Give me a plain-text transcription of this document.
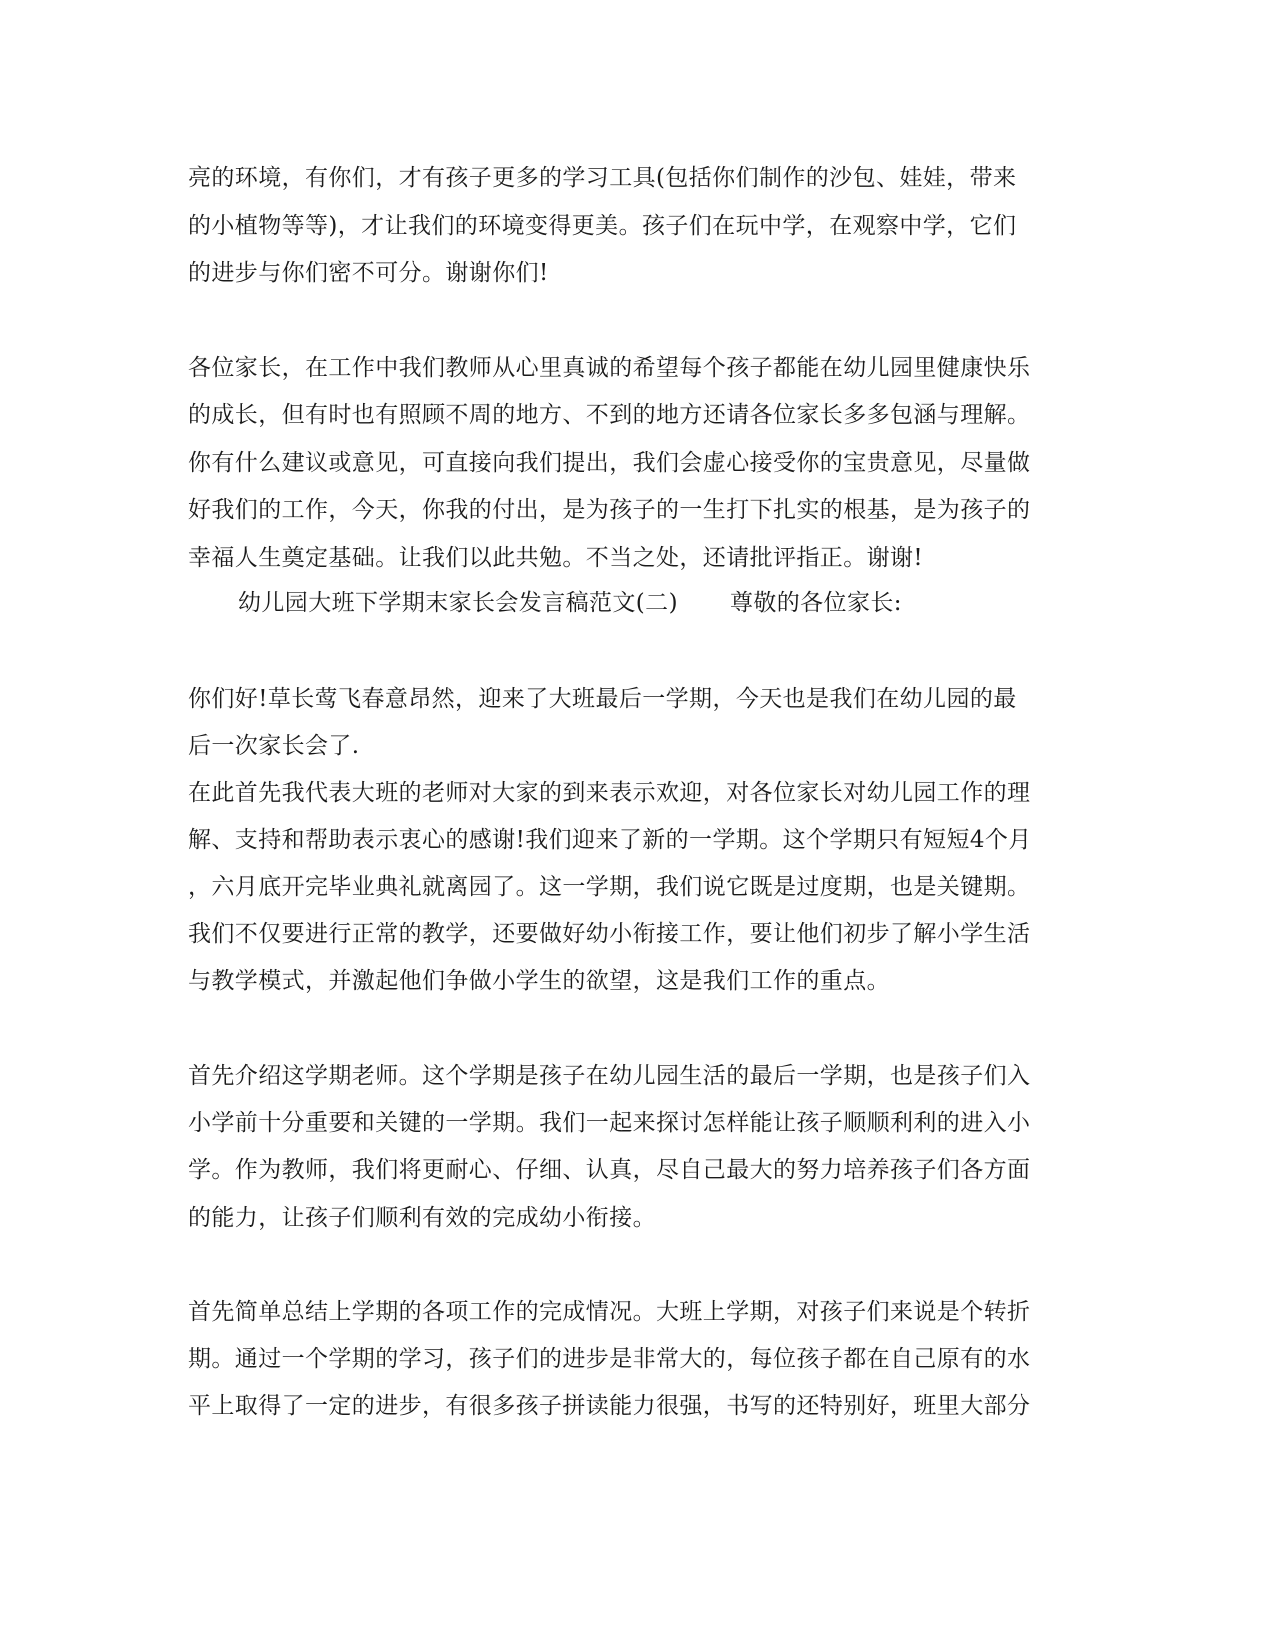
亮的环境，有你们，才有孩子更多的学习工具(包括你们制作的沙包、娃娃，带来
的小植物等等)，才让我们的环境变得更美。孩子们在玩中学，在观察中学，它们
的进步与你们密不可分。谢谢你们!
各位家长，在工作中我们教师从心里真诚的希望每个孩子都能在幼儿园里健康快乐
的成长，但有时也有照顾不周的地方、不到的地方还请各位家长多多包涵与理解。
你有什么建议或意见，可直接向我们提出，我们会虚心接受你的宝贵意见，尽量做
好我们的工作，今天，你我的付出，是为孩子的一生打下扎实的根基，是为孩子的
幸福人生奠定基础。让我们以此共勉。不当之处，还请批评指正。谢谢!
幼儿园大班下学期末家长会发言稿范文(二) 尊敬的各位家长:
你们好!草长莺飞春意昂然，迎来了大班最后一学期，今天也是我们在幼儿园的最
后一次家长会了.
在此首先我代表大班的老师对大家的到来表示欢迎，对各位家长对幼儿园工作的理
解、支持和帮助表示衷心的感谢!我们迎来了新的一学期。这个学期只有短短4个月
，六月底开完毕业典礼就离园了。这一学期，我们说它既是过度期，也是关键期。
我们不仅要进行正常的教学，还要做好幼小衔接工作，要让他们初步了解小学生活
与教学模式，并激起他们争做小学生的欲望，这是我们工作的重点。
首先介绍这学期老师。这个学期是孩子在幼儿园生活的最后一学期，也是孩子们入
小学前十分重要和关键的一学期。我们一起来探讨怎样能让孩子顺顺利利的进入小
学。作为教师，我们将更耐心、仔细、认真，尽自己最大的努力培养孩子们各方面
的能力，让孩子们顺利有效的完成幼小衔接。
首先简单总结上学期的各项工作的完成情况。大班上学期，对孩子们来说是个转折
期。通过一个学期的学习，孩子们的进步是非常大的，每位孩子都在自己原有的水
平上取得了一定的进步，有很多孩子拼读能力很强，书写的还特别好，班里大部分
